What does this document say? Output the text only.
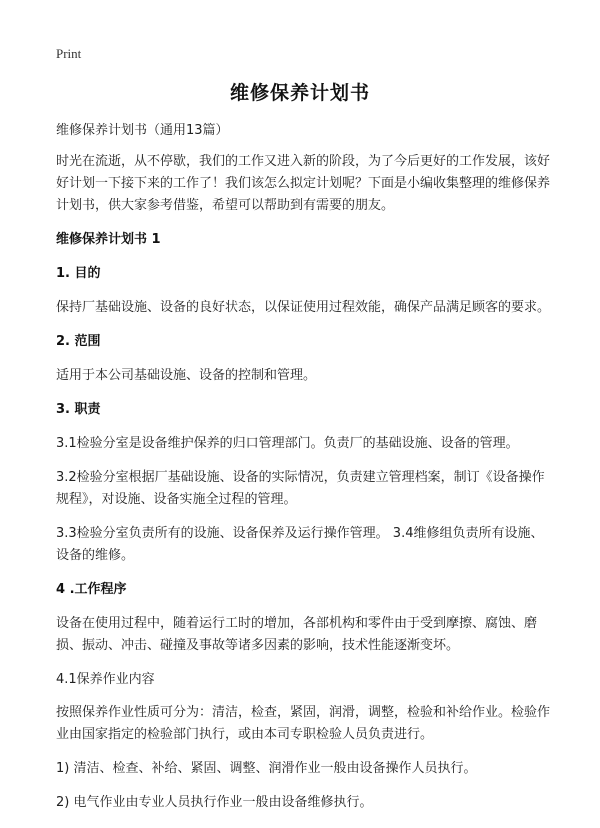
Print
维修保养计划书

维修保养计划书（通用13篇）

时光在流逝，从不停歇，我们的工作又进入新的阶段，为了今后更好的工作发展，该好好计划一下接下来的工作了！我们该怎么拟定计划呢？下面是小编收集整理的维修保养计划书，供大家参考借鉴，希望可以帮助到有需要的朋友。

维修保养计划书 1

1. 目的

保持厂基础设施、设备的良好状态，以保证使用过程效能，确保产品满足顾客的要求。

2. 范围

适用于本公司基础设施、设备的控制和管理。

3. 职责

3.1检验分室是设备维护保养的归口管理部门。负责厂的基础设施、设备的管理。

3.2检验分室根据厂基础设施、设备的实际情况，负责建立管理档案，制订《设备操作规程》，对设施、设备实施全过程的管理。

3.3检验分室负责所有的设施、设备保养及运行操作管理。 3.4维修组负责所有设施、设备的维修。

4 .工作程序

设备在使用过程中，随着运行工时的增加，各部机构和零件由于受到摩擦、腐蚀、磨损、振动、冲击、碰撞及事故等诸多因素的影响，技术性能逐渐变坏。

4.1保养作业内容

按照保养作业性质可分为：清洁，检查，紧固，润滑，调整，检验和补给作业。检验作业由国家指定的检验部门执行，或由本司专职检验人员负责进行。

1) 清洁、检查、补给、紧固、调整、润滑作业一般由设备操作人员执行。

2) 电气作业由专业人员执行作业一般由设备维修执行。
